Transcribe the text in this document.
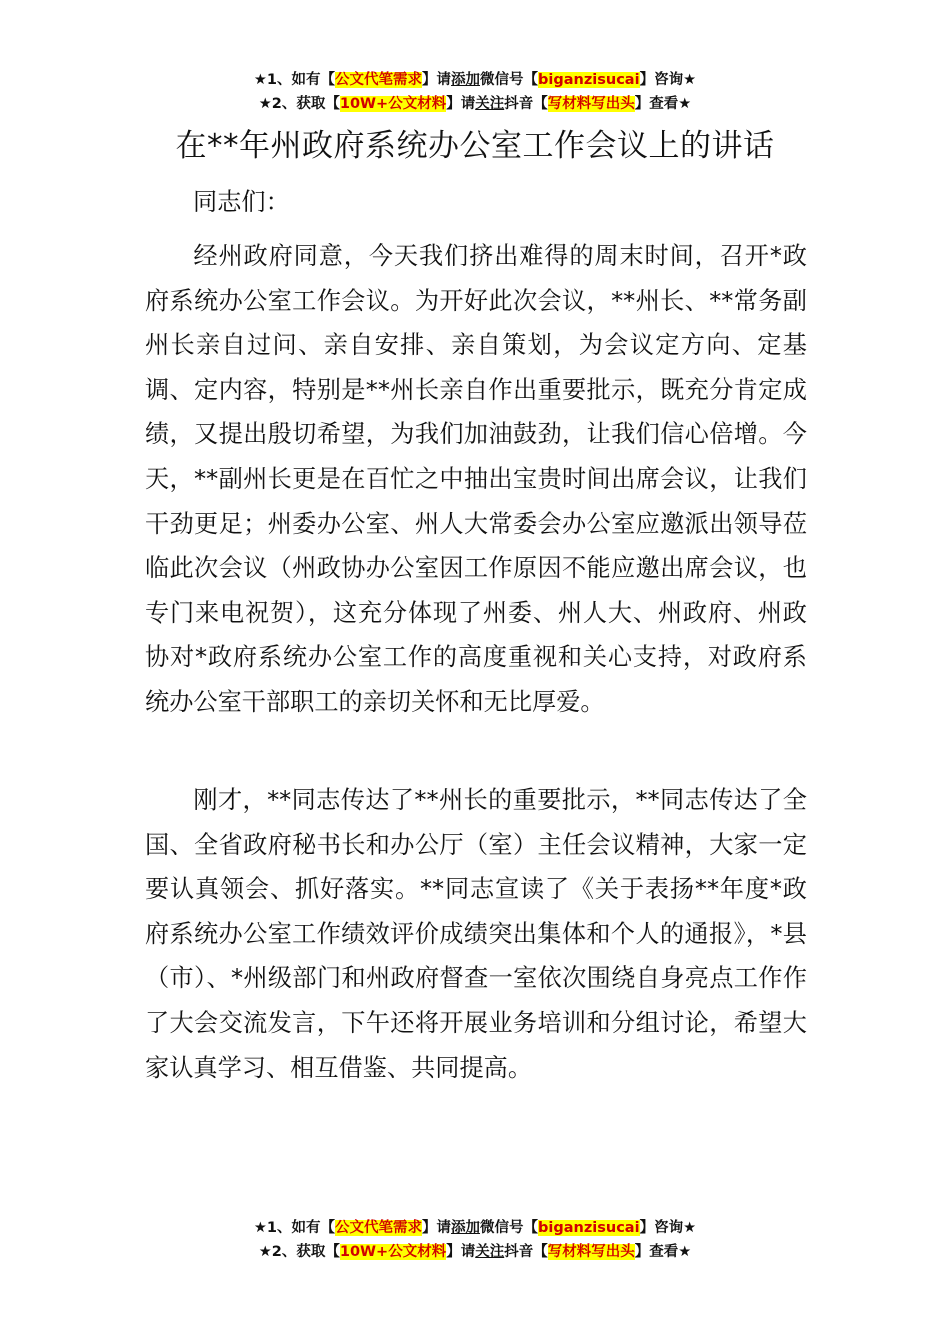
★1、如有【公文代笔需求】请添加微信号【biganzisucai】咨询★
★2、获取【10W+公文材料】请关注抖音【写材料写出头】查看★
在**年州政府系统办公室工作会议上的讲话
同志们：

经州政府同意，今天我们挤出难得的周末时间，召开*政府系统办公室工作会议。为开好此次会议，**州长、**常务副州长亲自过问、亲自安排、亲自策划，为会议定方向、定基调、定内容，特别是**州长亲自作出重要批示，既充分肯定成绩，又提出殷切希望，为我们加油鼓劲，让我们信心倍增。今天，**副州长更是在百忙之中抽出宝贵时间出席会议，让我们干劲更足；州委办公室、州人大常委会办公室应邀派出领导莅临此次会议（州政协办公室因工作原因不能应邀出席会议，也专门来电祝贺），这充分体现了州委、州人大、州政府、州政协对*政府系统办公室工作的高度重视和关心支持，对政府系统办公室干部职工的亲切关怀和无比厚爱。

刚才，**同志传达了**州长的重要批示，**同志传达了全国、全省政府秘书长和办公厅（室）主任会议精神，大家一定要认真领会、抓好落实。**同志宣读了《关于表扬**年度*政府系统办公室工作绩效评价成绩突出集体和个人的通报》，*县（市）、*州级部门和州政府督查一室依次围绕自身亮点工作作了大会交流发言，下午还将开展业务培训和分组讨论，希望大家认真学习、相互借鉴、共同提高。

★1、如有【公文代笔需求】请添加微信号【biganzisucai】咨询★
★2、获取【10W+公文材料】请关注抖音【写材料写出头】查看★
